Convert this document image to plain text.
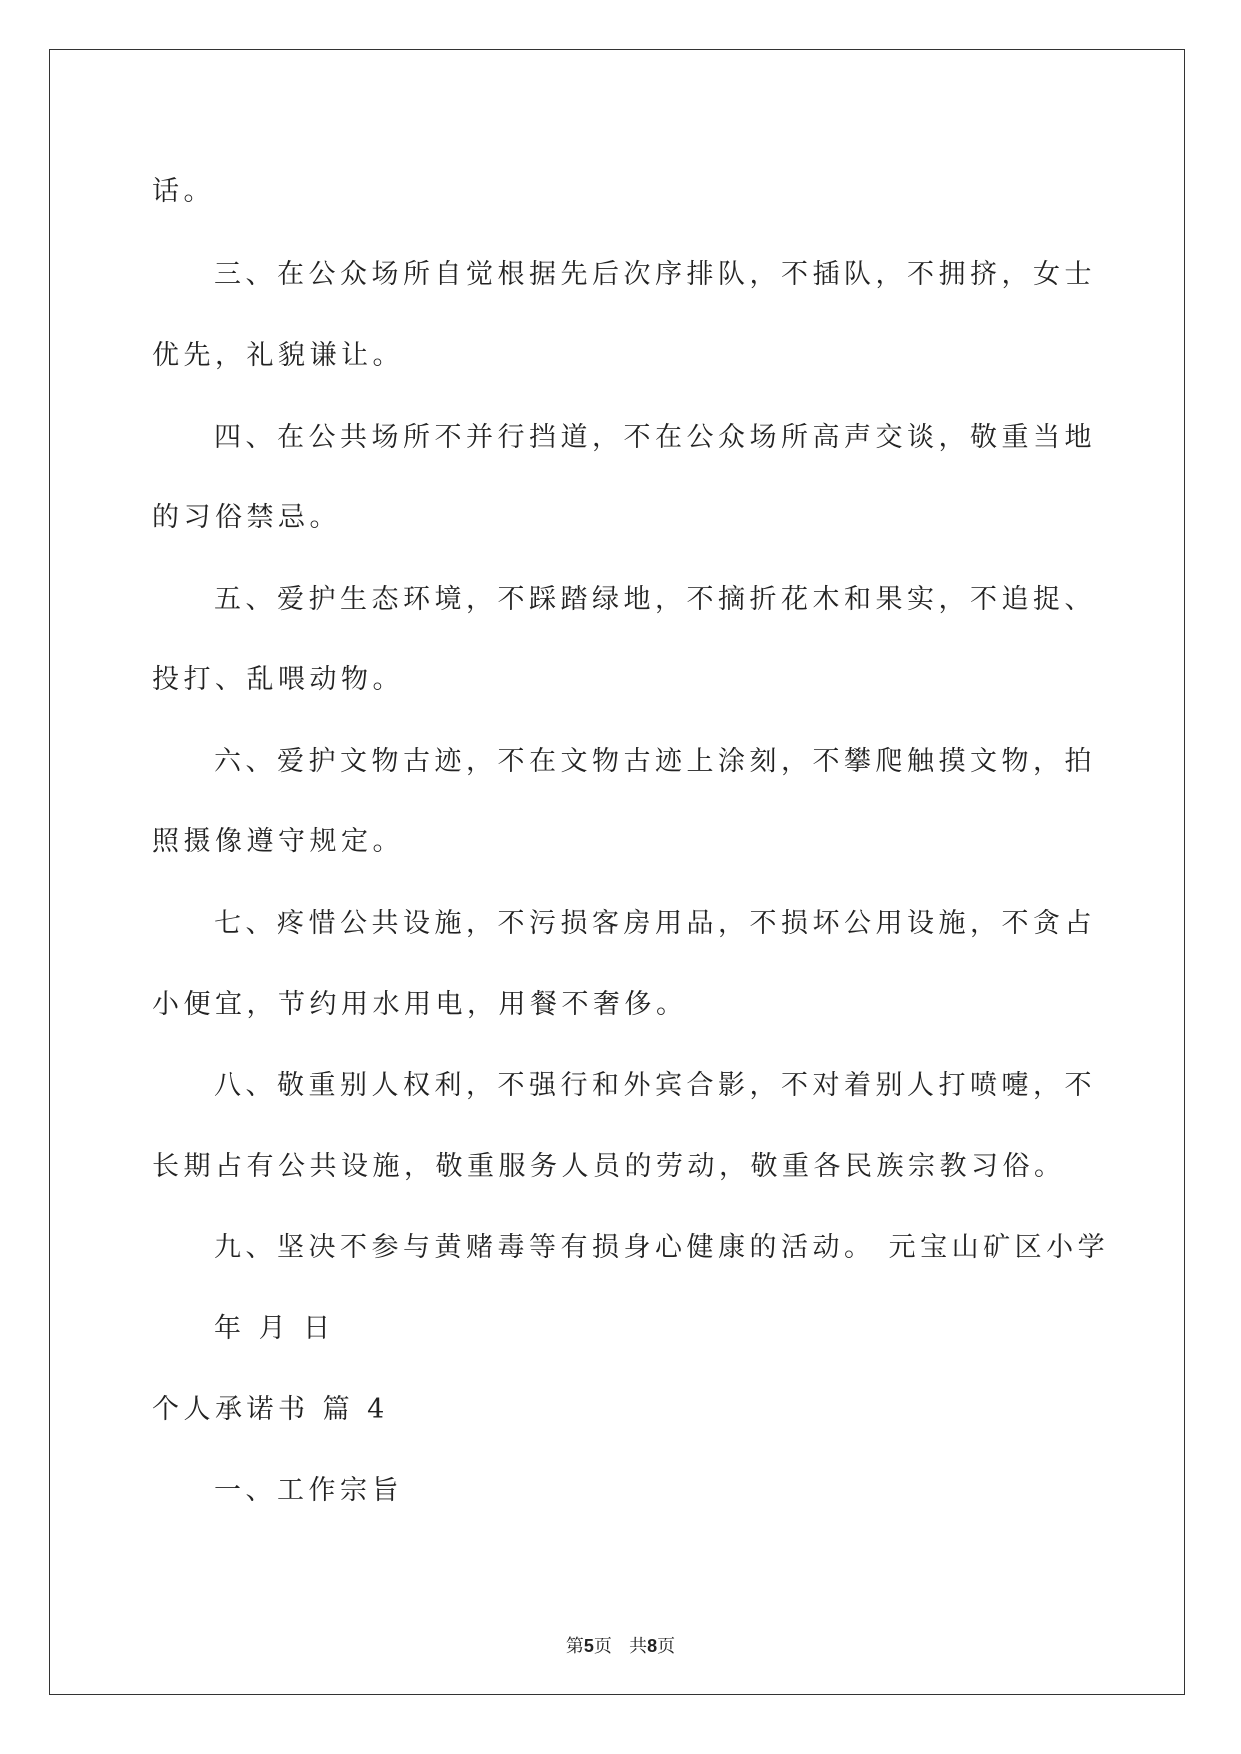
话。
三、在公众场所自觉根据先后次序排队，不插队，不拥挤，女士
优先，礼貌谦让。
四、在公共场所不并行挡道，不在公众场所高声交谈，敬重当地
的习俗禁忌。
五、爱护生态环境，不踩踏绿地，不摘折花木和果实，不追捉、
投打、乱喂动物。
六、爱护文物古迹，不在文物古迹上涂刻，不攀爬触摸文物，拍
照摄像遵守规定。
七、疼惜公共设施，不污损客房用品，不损坏公用设施，不贪占
小便宜，节约用水用电，用餐不奢侈。
八、敬重别人权利，不强行和外宾合影，不对着别人打喷嚏，不
长期占有公共设施，敬重服务人员的劳动，敬重各民族宗教习俗。
九、坚决不参与黄赌毒等有损身心健康的活动。 元宝山矿区小学
年 月 日
个人承诺书 篇 4
一、工作宗旨
第5页   共8页
